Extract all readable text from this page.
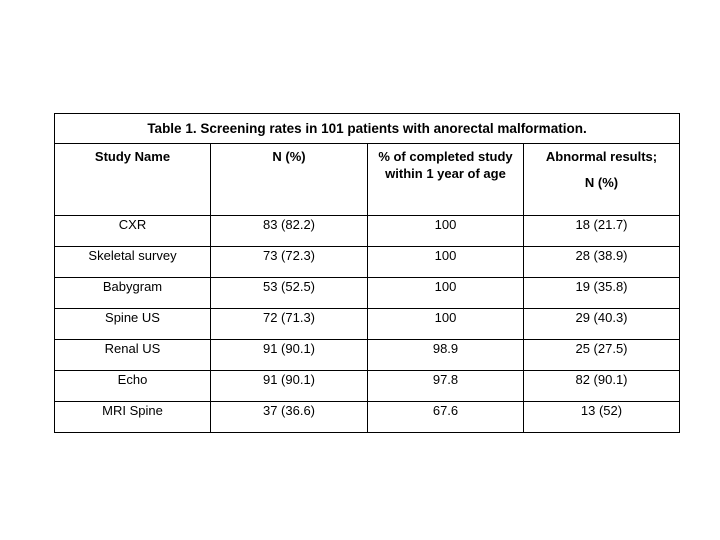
Table 1. Screening rates in 101 patients with anorectal malformation.			
Study Name	N (%)	% of completed study within 1 year of age	Abnormal results;
N (%)

CXR	83 (82.2)	100	18 (21.7)
Skeletal survey	73 (72.3)	100	28 (38.9)
Babygram	53 (52.5)	100	19 (35.8)
Spine US	72 (71.3)	100	29 (40.3)
Renal US	91 (90.1)	98.9	25 (27.5)
Echo	91 (90.1)	97.8	82 (90.1)
MRI Spine	37 (36.6)	67.6	13 (52)
